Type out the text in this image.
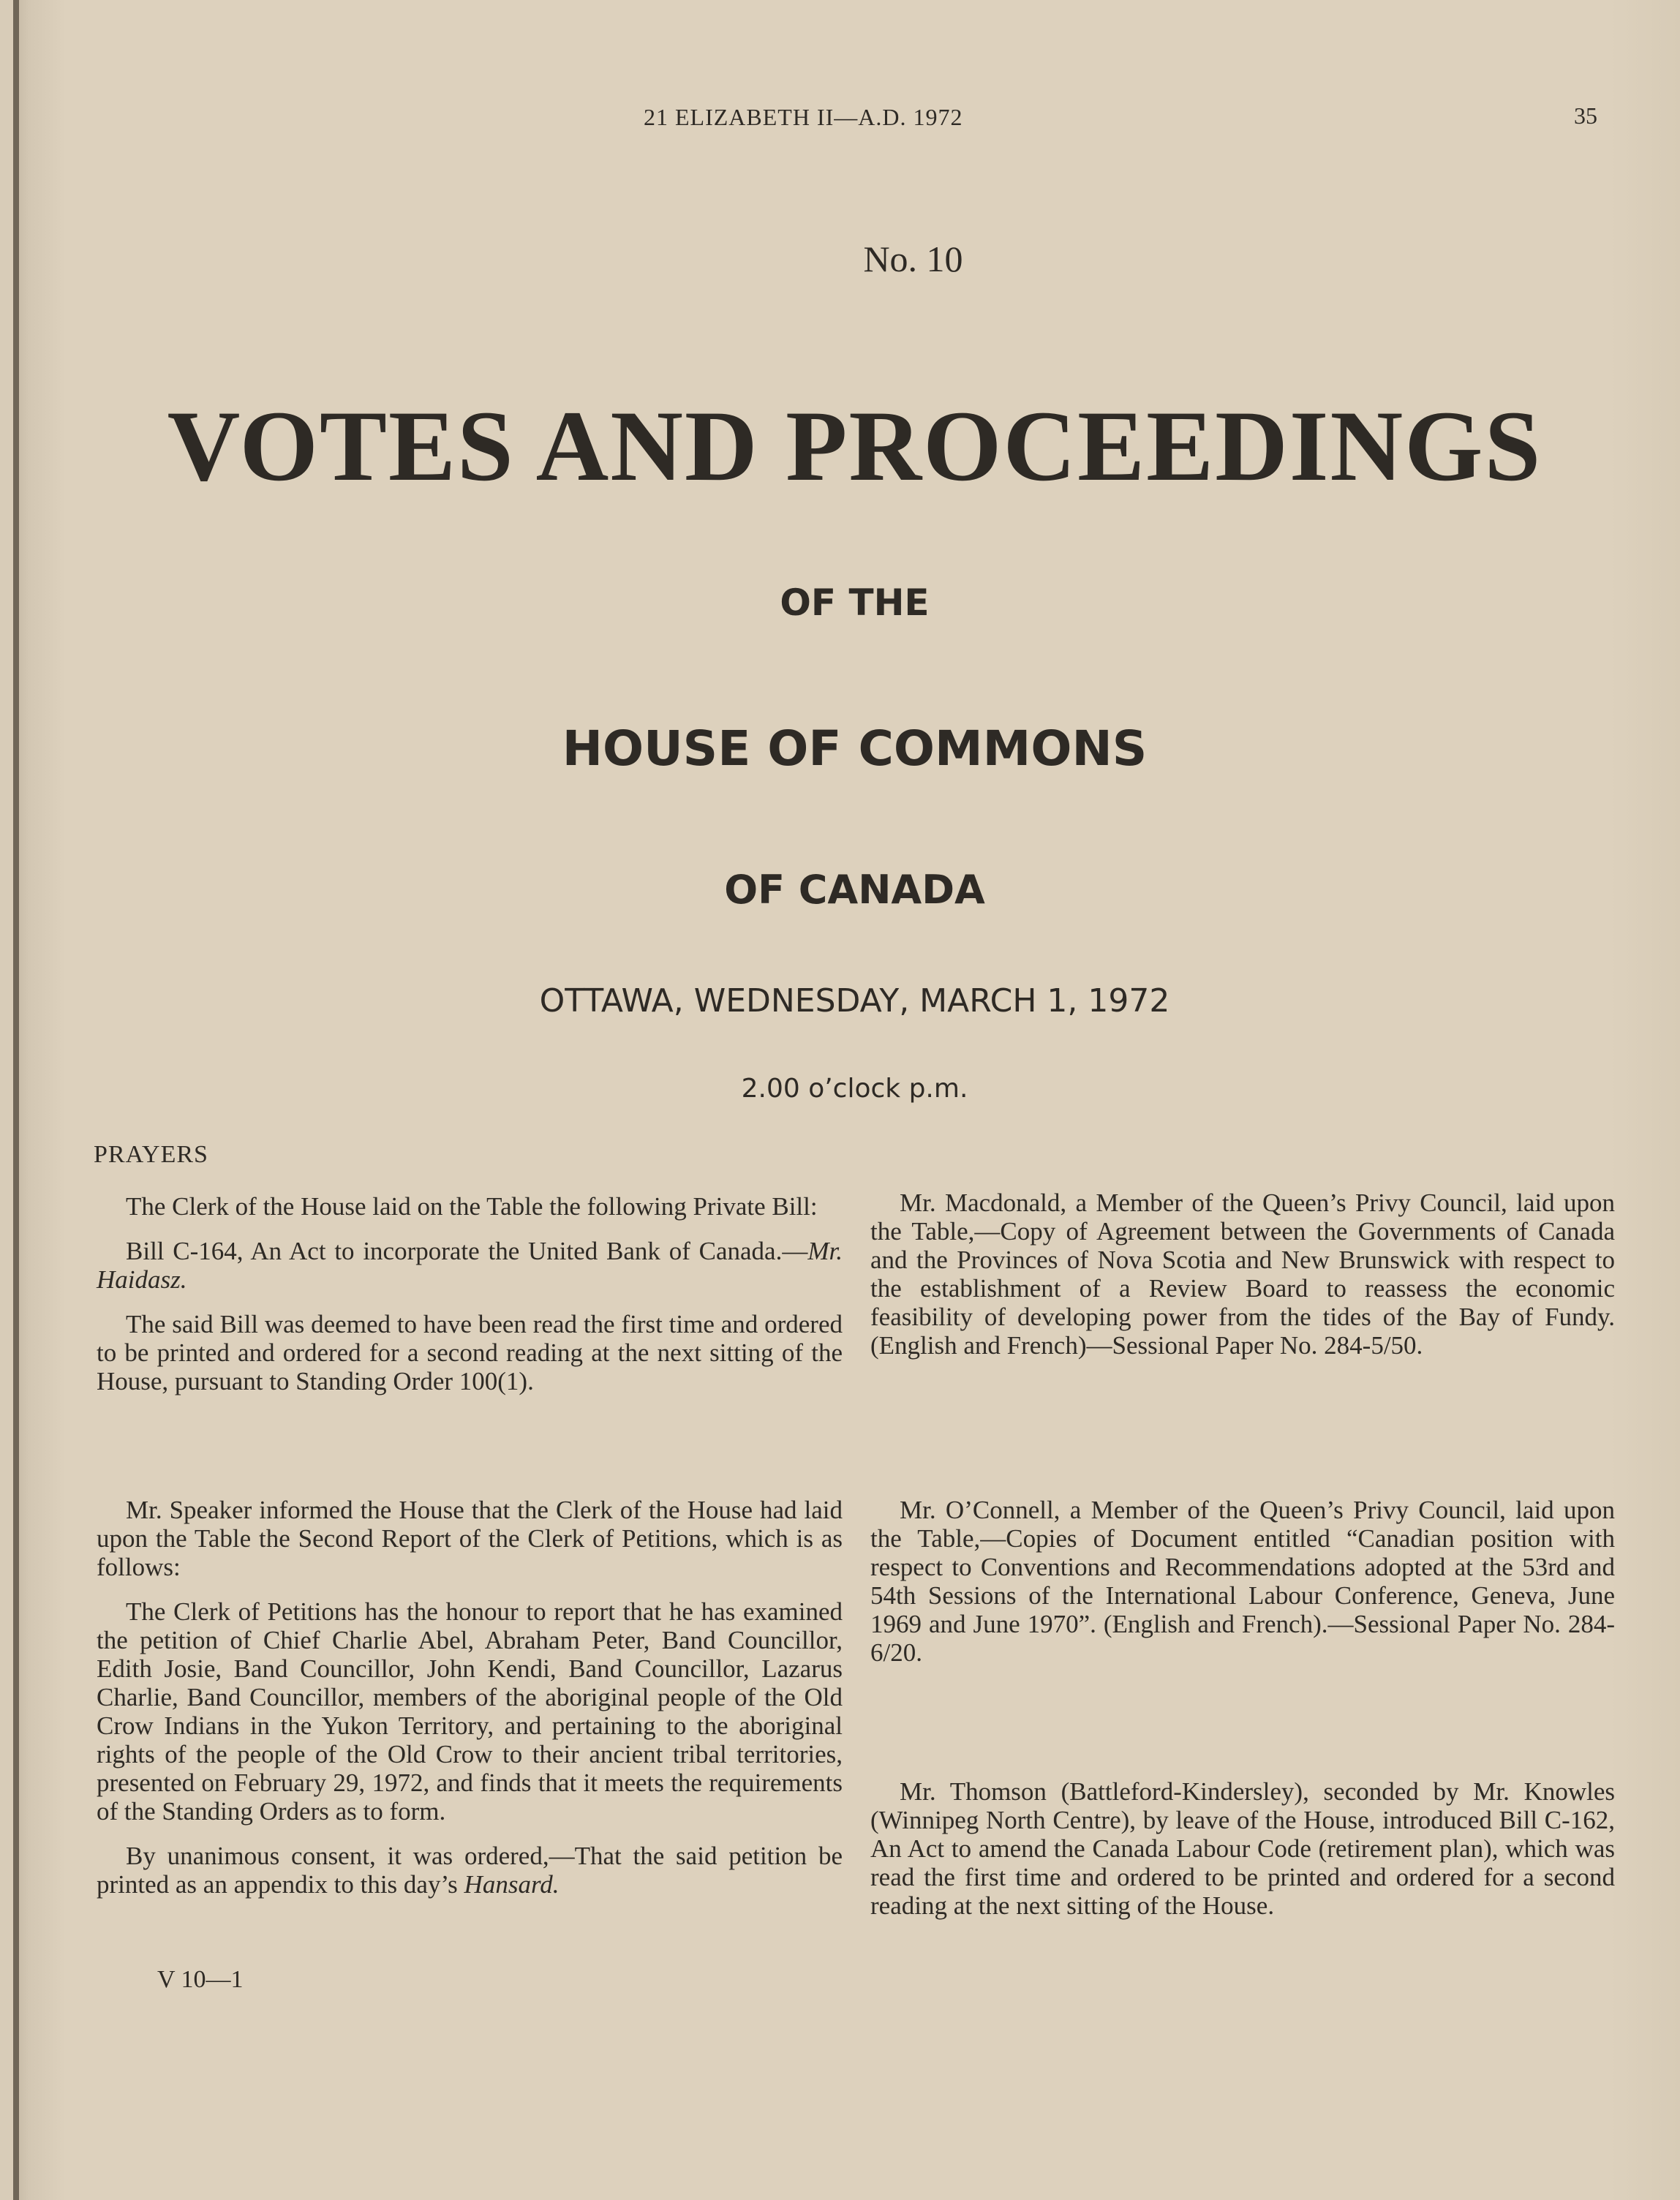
21 ELIZABETH II—A.D. 1972	35
No. 10
VOTES AND PROCEEDINGS
OF THE
HOUSE OF COMMONS
OF CANADA
OTTAWA, WEDNESDAY, MARCH 1, 1972
2.00 o’clock p.m.
PRAYERS

The Clerk of the House laid on the Table the following Private Bill:

Bill C-164, An Act to incorporate the United Bank of Canada.—Mr. Haidasz.

The said Bill was deemed to have been read the first time and ordered to be printed and ordered for a second reading at the next sitting of the House, pursuant to Standing Order 100(1).

Mr. Speaker informed the House that the Clerk of the House had laid upon the Table the Second Report of the Clerk of Petitions, which is as follows:

The Clerk of Petitions has the honour to report that he has examined the petition of Chief Charlie Abel, Abraham Peter, Band Councillor, Edith Josie, Band Councillor, John Kendi, Band Councillor, Lazarus Charlie, Band Councillor, members of the aboriginal people of the Old Crow Indians in the Yukon Territory, and pertaining to the aboriginal rights of the people of the Old Crow to their ancient tribal territories, presented on February 29, 1972, and finds that it meets the requirements of the Standing Orders as to form.

By unanimous consent, it was ordered,—That the said petition be printed as an appendix to this day’s Hansard.

V 10—1

Mr. Macdonald, a Member of the Queen’s Privy Council, laid upon the Table,—Copy of Agreement between the Governments of Canada and the Provinces of Nova Scotia and New Brunswick with respect to the establishment of a Review Board to reassess the economic feasibility of developing power from the tides of the Bay of Fundy. (English and French)—Sessional Paper No. 284-5/50.

Mr. O’Connell, a Member of the Queen’s Privy Council, laid upon the Table,—Copies of Document entitled “Canadian position with respect to Conventions and Recommendations adopted at the 53rd and 54th Sessions of the International Labour Conference, Geneva, June 1969 and June 1970”. (English and French).—Sessional Paper No. 284-6/20.

Mr. Thomson (Battleford-Kindersley), seconded by Mr. Knowles (Winnipeg North Centre), by leave of the House, introduced Bill C-162, An Act to amend the Canada Labour Code (retirement plan), which was read the first time and ordered to be printed and ordered for a second reading at the next sitting of the House.
